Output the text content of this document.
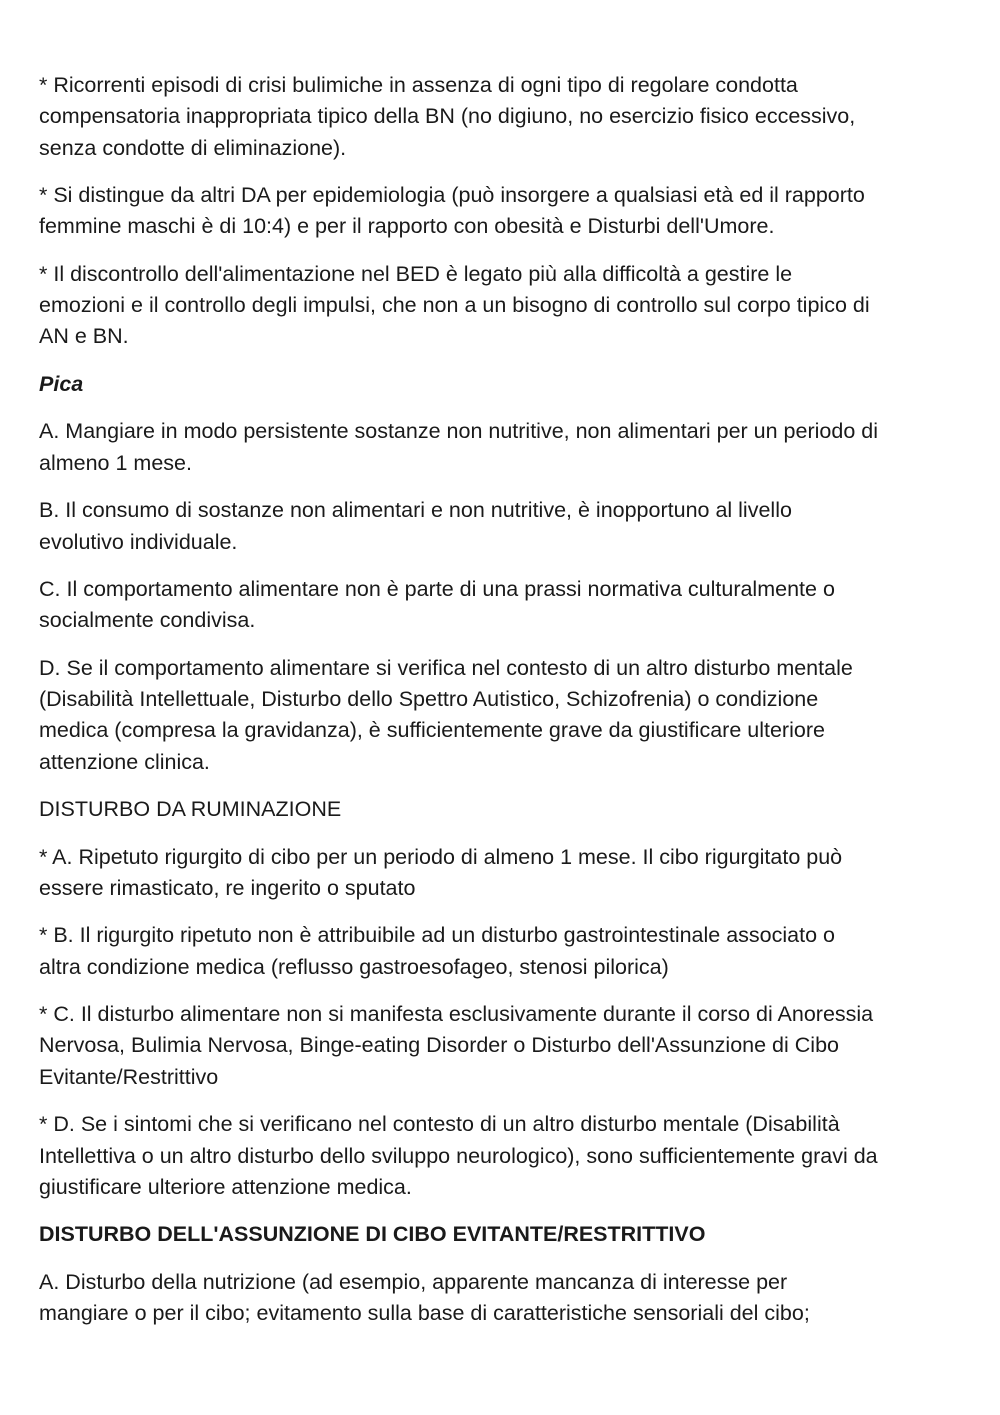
* Ricorrenti episodi di crisi bulimiche in assenza di ogni tipo di regolare condotta
compensatoria inappropriata tipico della BN (no digiuno, no esercizio fisico eccessivo,
senza condotte di eliminazione).

* Si distingue da altri DA per epidemiologia (può insorgere a qualsiasi età ed il rapporto
femmine maschi è di 10:4) e per il rapporto con obesità e Disturbi dell'Umore.

* Il discontrollo dell'alimentazione nel BED è legato più alla difficoltà a gestire le
emozioni e il controllo degli impulsi, che non a un bisogno di controllo sul corpo tipico di
AN e BN.

Pica

A. Mangiare in modo persistente sostanze non nutritive, non alimentari per un periodo di
almeno 1 mese.

B. Il consumo di sostanze non alimentari e non nutritive, è inopportuno al livello
evolutivo individuale.

C. Il comportamento alimentare non è parte di una prassi normativa culturalmente o
socialmente condivisa.

D. Se il comportamento alimentare si verifica nel contesto di un altro disturbo mentale
(Disabilità Intellettuale, Disturbo dello Spettro Autistico, Schizofrenia) o condizione
medica (compresa la gravidanza), è sufficientemente grave da giustificare ulteriore
attenzione clinica.

DISTURBO DA RUMINAZIONE

* A. Ripetuto rigurgito di cibo per un periodo di almeno 1 mese. Il cibo rigurgitato può
essere rimasticato, re ingerito o sputato

* B. Il rigurgito ripetuto non è attribuibile ad un disturbo gastrointestinale associato o
altra condizione medica (reflusso gastroesofageo, stenosi pilorica)

* C. Il disturbo alimentare non si manifesta esclusivamente durante il corso di Anoressia
Nervosa, Bulimia Nervosa, Binge-eating Disorder o Disturbo dell'Assunzione di Cibo
Evitante/Restrittivo

* D. Se i sintomi che si verificano nel contesto di un altro disturbo mentale (Disabilità
Intellettiva o un altro disturbo dello sviluppo neurologico), sono sufficientemente gravi da
giustificare ulteriore attenzione medica.

DISTURBO DELL'ASSUNZIONE DI CIBO EVITANTE/RESTRITTIVO

A. Disturbo della nutrizione (ad esempio, apparente mancanza di interesse per
mangiare o per il cibo; evitamento sulla base di caratteristiche sensoriali del cibo;
